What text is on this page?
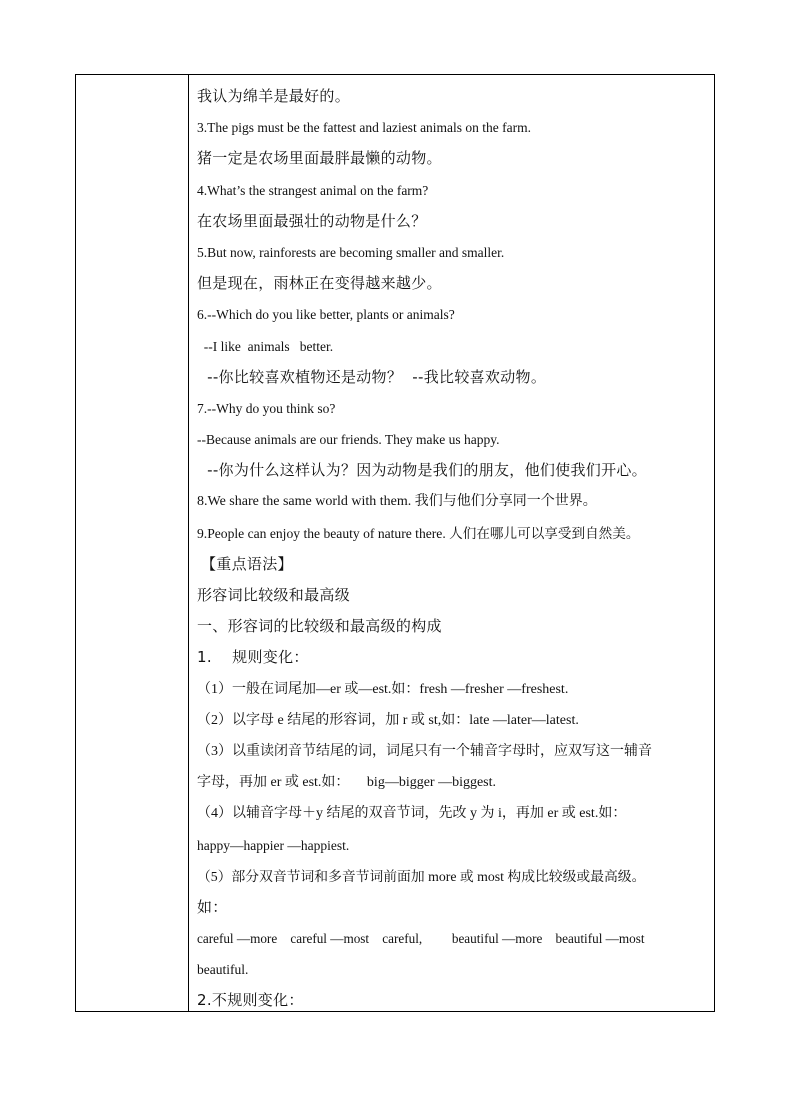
我认为绵羊是最好的。
3.The pigs must be the fattest and laziest animals on the farm.
猪一定是农场里面最胖最懒的动物。
4.What’s the strangest animal on the farm?
在农场里面最强壮的动物是什么？
5.But now, rainforests are becoming smaller and smaller.
但是现在，雨林正在变得越来越少。
6.--Which do you like better, plants or animals?
--I like  animals   better.
--你比较喜欢植物还是动物？  --我比较喜欢动物。
7.--Why do you think so?
--Because animals are our friends. They make us happy.
--你为什么这样认为？因为动物是我们的朋友，他们使我们开心。
8.We share the same world with them. 我们与他们分享同一个世界。
9.People can enjoy the beauty of nature there. 人们在哪儿可以享受到自然美。
【重点语法】
形容词比较级和最高级
一、形容词的比较级和最高级的构成
1.    规则变化：
（1）一般在词尾加—er 或—est.如：fresh —fresher —freshest.
（2）以字母 e 结尾的形容词，加 r 或 st,如：late —later—latest.
（3）以重读闭音节结尾的词，词尾只有一个辅音字母时，应双写这一辅音
字母，再加 er 或 est.如：     big—bigger —biggest.
（4）以辅音字母＋y 结尾的双音节词，先改 y 为 i，再加 er 或 est.如：
happy—happier —happiest.
（5）部分双音节词和多音节词前面加 more 或 most 构成比较级或最高级。
如：
careful —more    careful —most    careful,         beautiful —more    beautiful —most
beautiful.
2.不规则变化：
